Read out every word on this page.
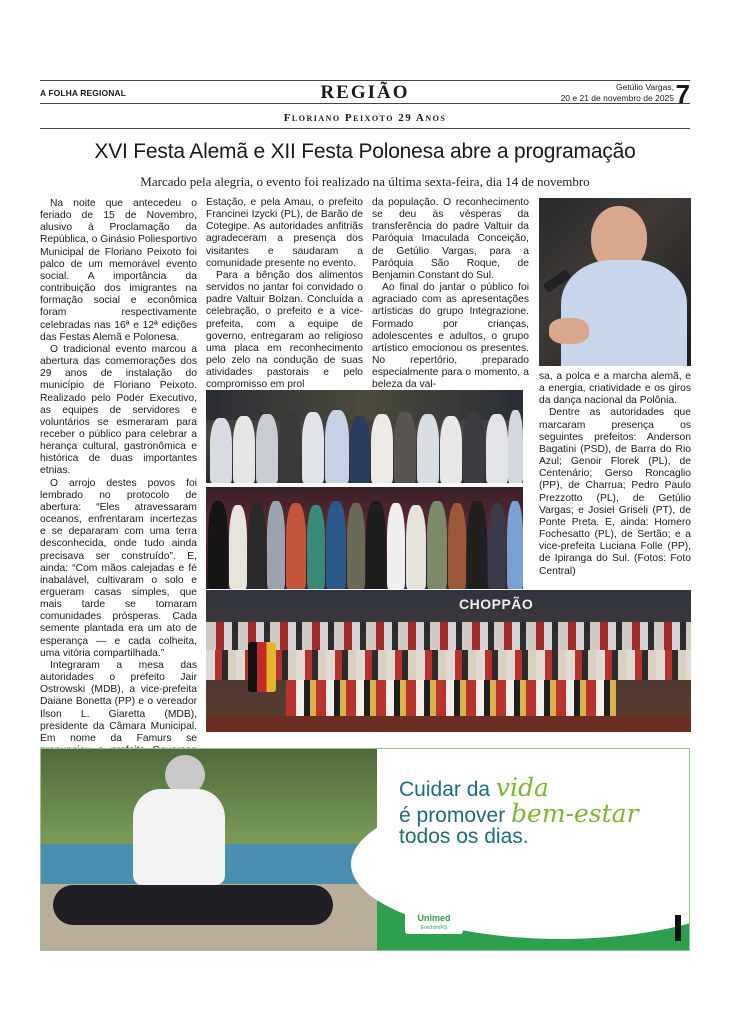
A FOLHA REGIONAL	REGIÃO	Getúlio Vargas,
20 e 21 de novembro de 2025 7
Floriano Peixoto 29 Anos
XVI Festa Alemã e XII Festa Polonesa abre a programação
Marcado pela alegria, o evento foi realizado na última sexta-feira, dia 14 de novembro

Na noite que antecedeu o feriado de 15 de Novembro, alusivo à Proclamação da República, o Ginásio Poliesportivo Municipal de Floriano Peixoto foi palco de um memorável evento social. A importância da contribuição dos imigrantes na formação social e econômica foram respectivamente celebradas nas 16ª e 12ª edições das Festas Alemã e Polonesa.

O tradicional evento marcou a abertura das comemorações dos 29 anos de instalação do município de Floriano Peixoto. Realizado pelo Poder Executivo, as equipes de servidores e voluntários se esmeraram para receber o público para celebrar a herança cultural, gastronômica e histórica de duas importantes etnias.

O arrojo destes povos foi lembrado no protocolo de abertura: “Eles atravessaram oceanos, enfrentaram incertezas e se depararam com uma terra desconhecida, onde tudo ainda precisava ser construído”. E, ainda: “Com mãos calejadas e fé inabalável, cultivaram o solo e ergueram casas simples, que mais tarde se tornaram comunidades prósperas. Cada semente plantada era um ato de esperança — e cada colheita, uma vitória compartilhada.”

Integraram a mesa das autoridades o prefeito Jair Ostrowski (MDB), a vice-prefeita Daiane Bonetta (PP) e o vereador Ilson L. Giaretta (MDB), presidente da Câmara Municipal. Em nome da Famurs se

Estação, e pela Amau, o prefeito Francinei Izycki (PL), de Barão de Cotegipe. As autoridades anfitriãs agradeceram a presença dos visitantes e saudaram a comunidade presente no evento.

Para a bênção dos alimentos servidos no jantar foi convidado o padre Valtuir Bolzan. Concluída a celebração, o prefeito e a vice-prefeita, com a equipe de governo, entregaram ao religioso uma placa em reconhecimento pelo zelo na condução de suas atividades pastorais e pelo compromisso em prol

da população. O reconhecimento se deu às vésperas da transferência do padre Valtuir da Paróquia Imaculada Conceição, de Getúlio Vargas, para a Paróquia São Roque, de Benjamin Constant do Sul.

Ao final do jantar o público foi agraciado com as apresentações artísticas do grupo Integrazione. Formado por crianças, adolescentes e adultos, o grupo artístico emocionou os presentes. No repertório, preparado especialmente para o momento, a beleza da val-

sa, a polca e a marcha alemã, e a energia, criatividade e os giros da dança nacional da Polônia.

Dentre as autoridades que marcaram presença os seguintes prefeitos: Anderson Bagatini (PSD), de Barra do Rio Azul; Genoir Florek (PL), de Centenário; Gerso Roncaglio (PP), de Charrua; Pedro Paulo Prezzotto (PL), de Getúlio Vargas; e Josiel Griseli (PT), de Ponte Preta. E, ainda: Homero Fochesatto (PL), de Sertão; e a vice-prefeita Luciana Folle (PP), de Ipiranga do Sul. (Fotos: Foto Central)

CHOPPÃO
Cuidar da vida
é promover bem-estar
todos os dias.
Unimed
Erechim/RS
Te ver bem,
nos faz bem.
